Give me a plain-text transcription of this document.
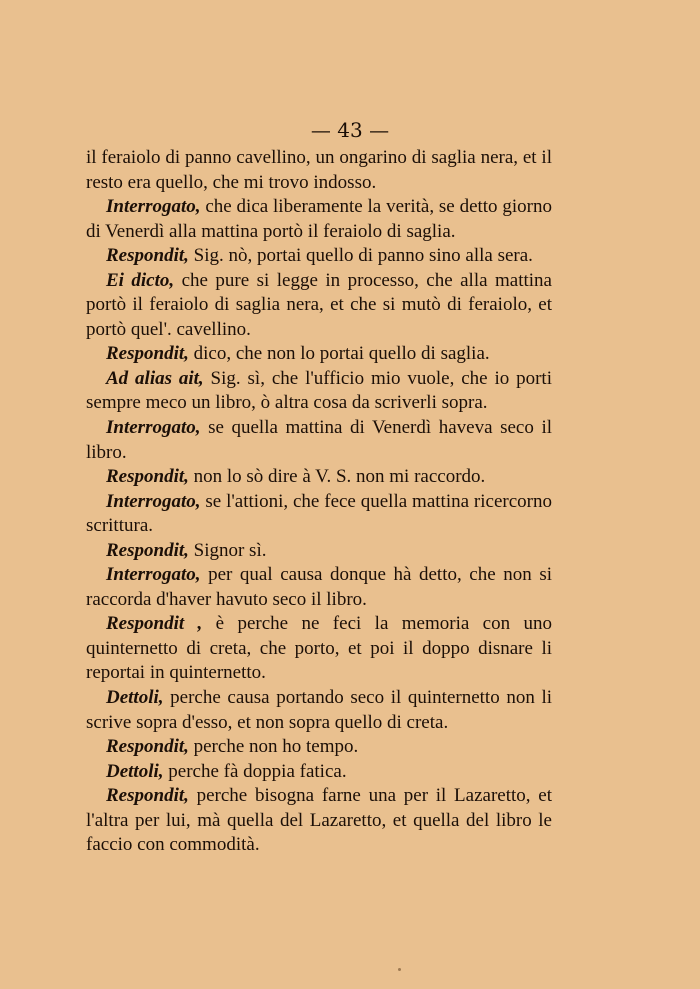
— 43 —

il feraiolo di panno cavellino, un ongarino di saglia nera, et il resto era quello, che mi trovo indosso.

Interrogato, che dica liberamente la verità, se detto giorno di Venerdì alla mattina portò il feraiolo di saglia.

Respondit, Sig. nò, portai quello di panno sino alla sera.

Ei dicto, che pure si legge in processo, che alla mattina portò il feraiolo di saglia nera, et che si mutò di feraiolo, et portò quel'. cavellino.

Respondit, dico, che non lo portai quello di saglia.

Ad alias ait, Sig. sì, che l'ufficio mio vuole, che io porti sempre meco un libro, ò altra cosa da scriverli sopra.

Interrogato, se quella mattina di Venerdì haveva seco il libro.

Respondit, non lo sò dire à V. S. non mi raccordo.

Interrogato, se l'attioni, che fece quella mattina ricercorno scrittura.

Respondit, Signor sì.

Interrogato, per qual causa donque hà detto, che non si raccorda d'haver havuto seco il libro.

Respondit , è perche ne feci la memoria con uno quinternetto di creta, che porto, et poi il doppo disnare li reportai in quinternetto.

Dettoli, perche causa portando seco il quinternetto non li scrive sopra d'esso, et non sopra quello di creta.

Respondit, perche non ho tempo.

Dettoli, perche fà doppia fatica.

Respondit, perche bisogna farne una per il Lazaretto, et l'altra per lui, mà quella del Lazaretto, et quella del libro le faccio con commodità.
